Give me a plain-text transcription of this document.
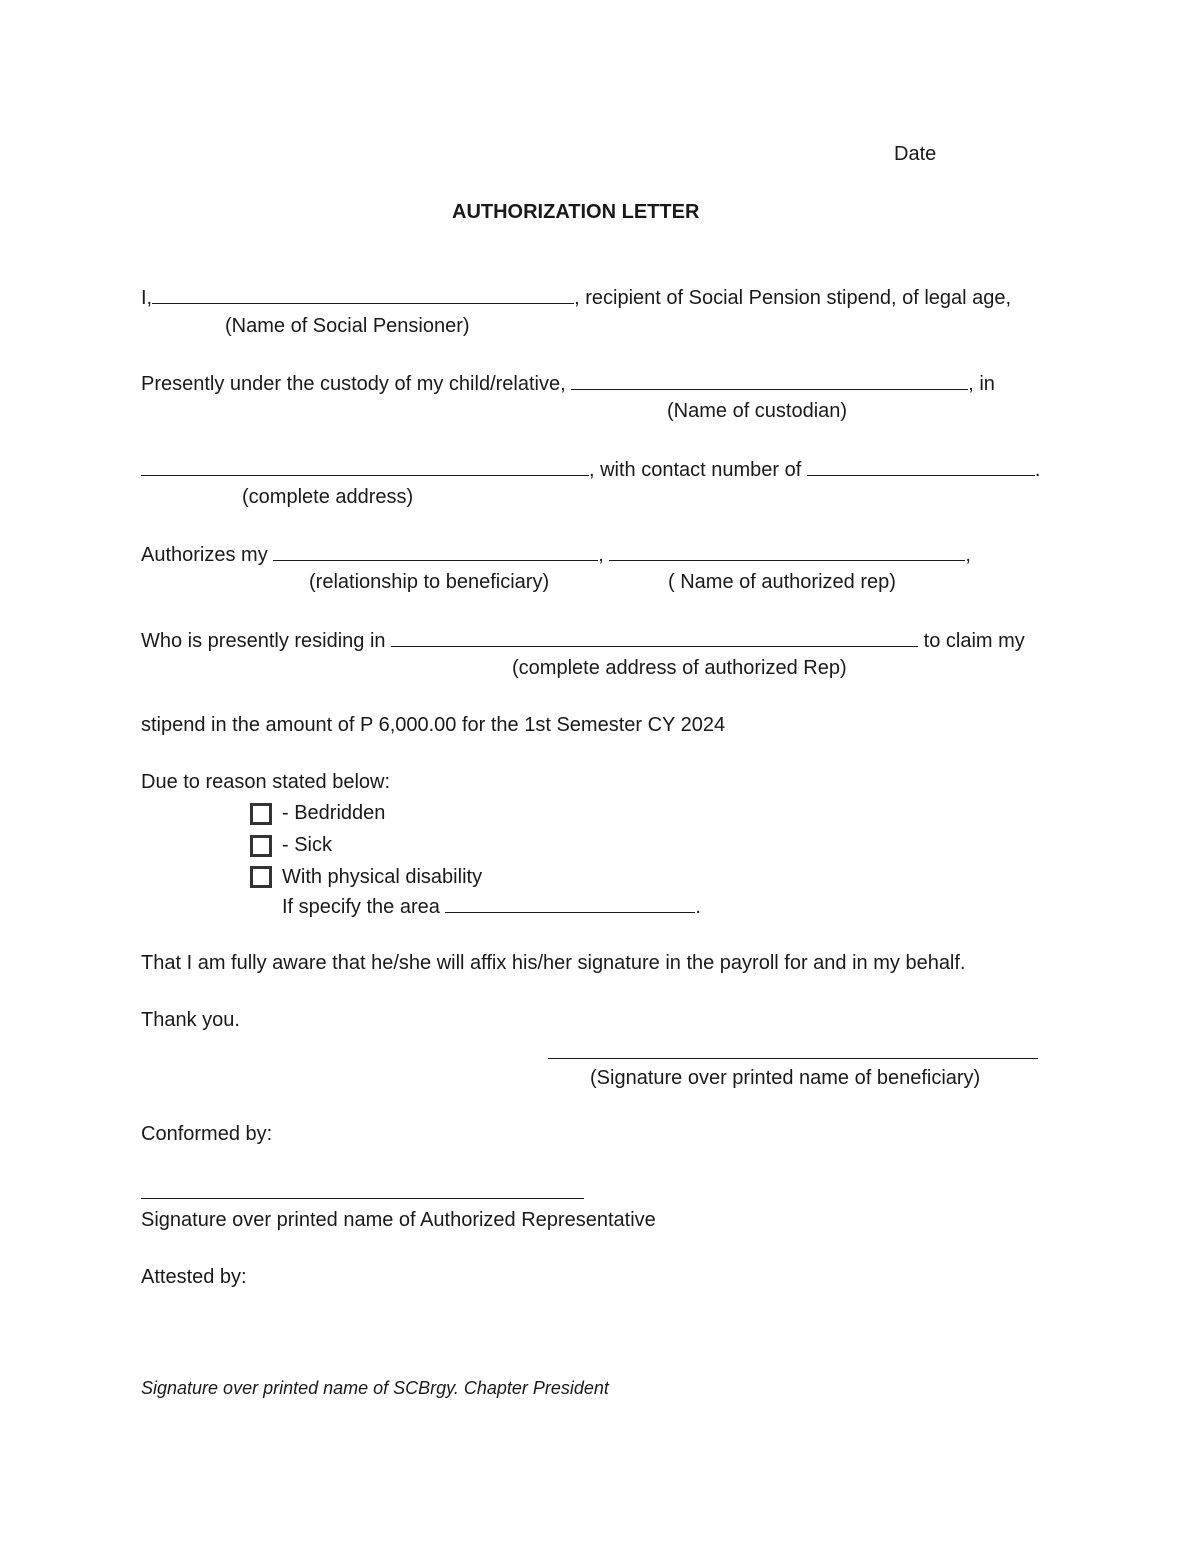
Date
AUTHORIZATION LETTER
I,	, recipient of Social Pension stipend, of legal age,
(Name of Social Pensioner)
Presently under the custody of my child/relative,	, in
(Name of custodian)
, with contact number of	.
(complete address)
Authorizes my	,	,
(relationship to beneficiary)	( Name of authorized rep)
Who is presently residing in	to claim my
(complete address of authorized Rep)
stipend in the amount of P 6,000.00 for the 1st Semester CY 2024
Due to reason stated below:
- Bedridden
- Sick
With physical disability
If specify the area	.
That I am fully aware that he/she will affix his/her signature in the payroll for and in my behalf.
Thank you.
(Signature over printed name of beneficiary)
Conformed by:
Signature over printed name of Authorized Representative
Attested by:
Signature over printed name of SCBrgy. Chapter President
